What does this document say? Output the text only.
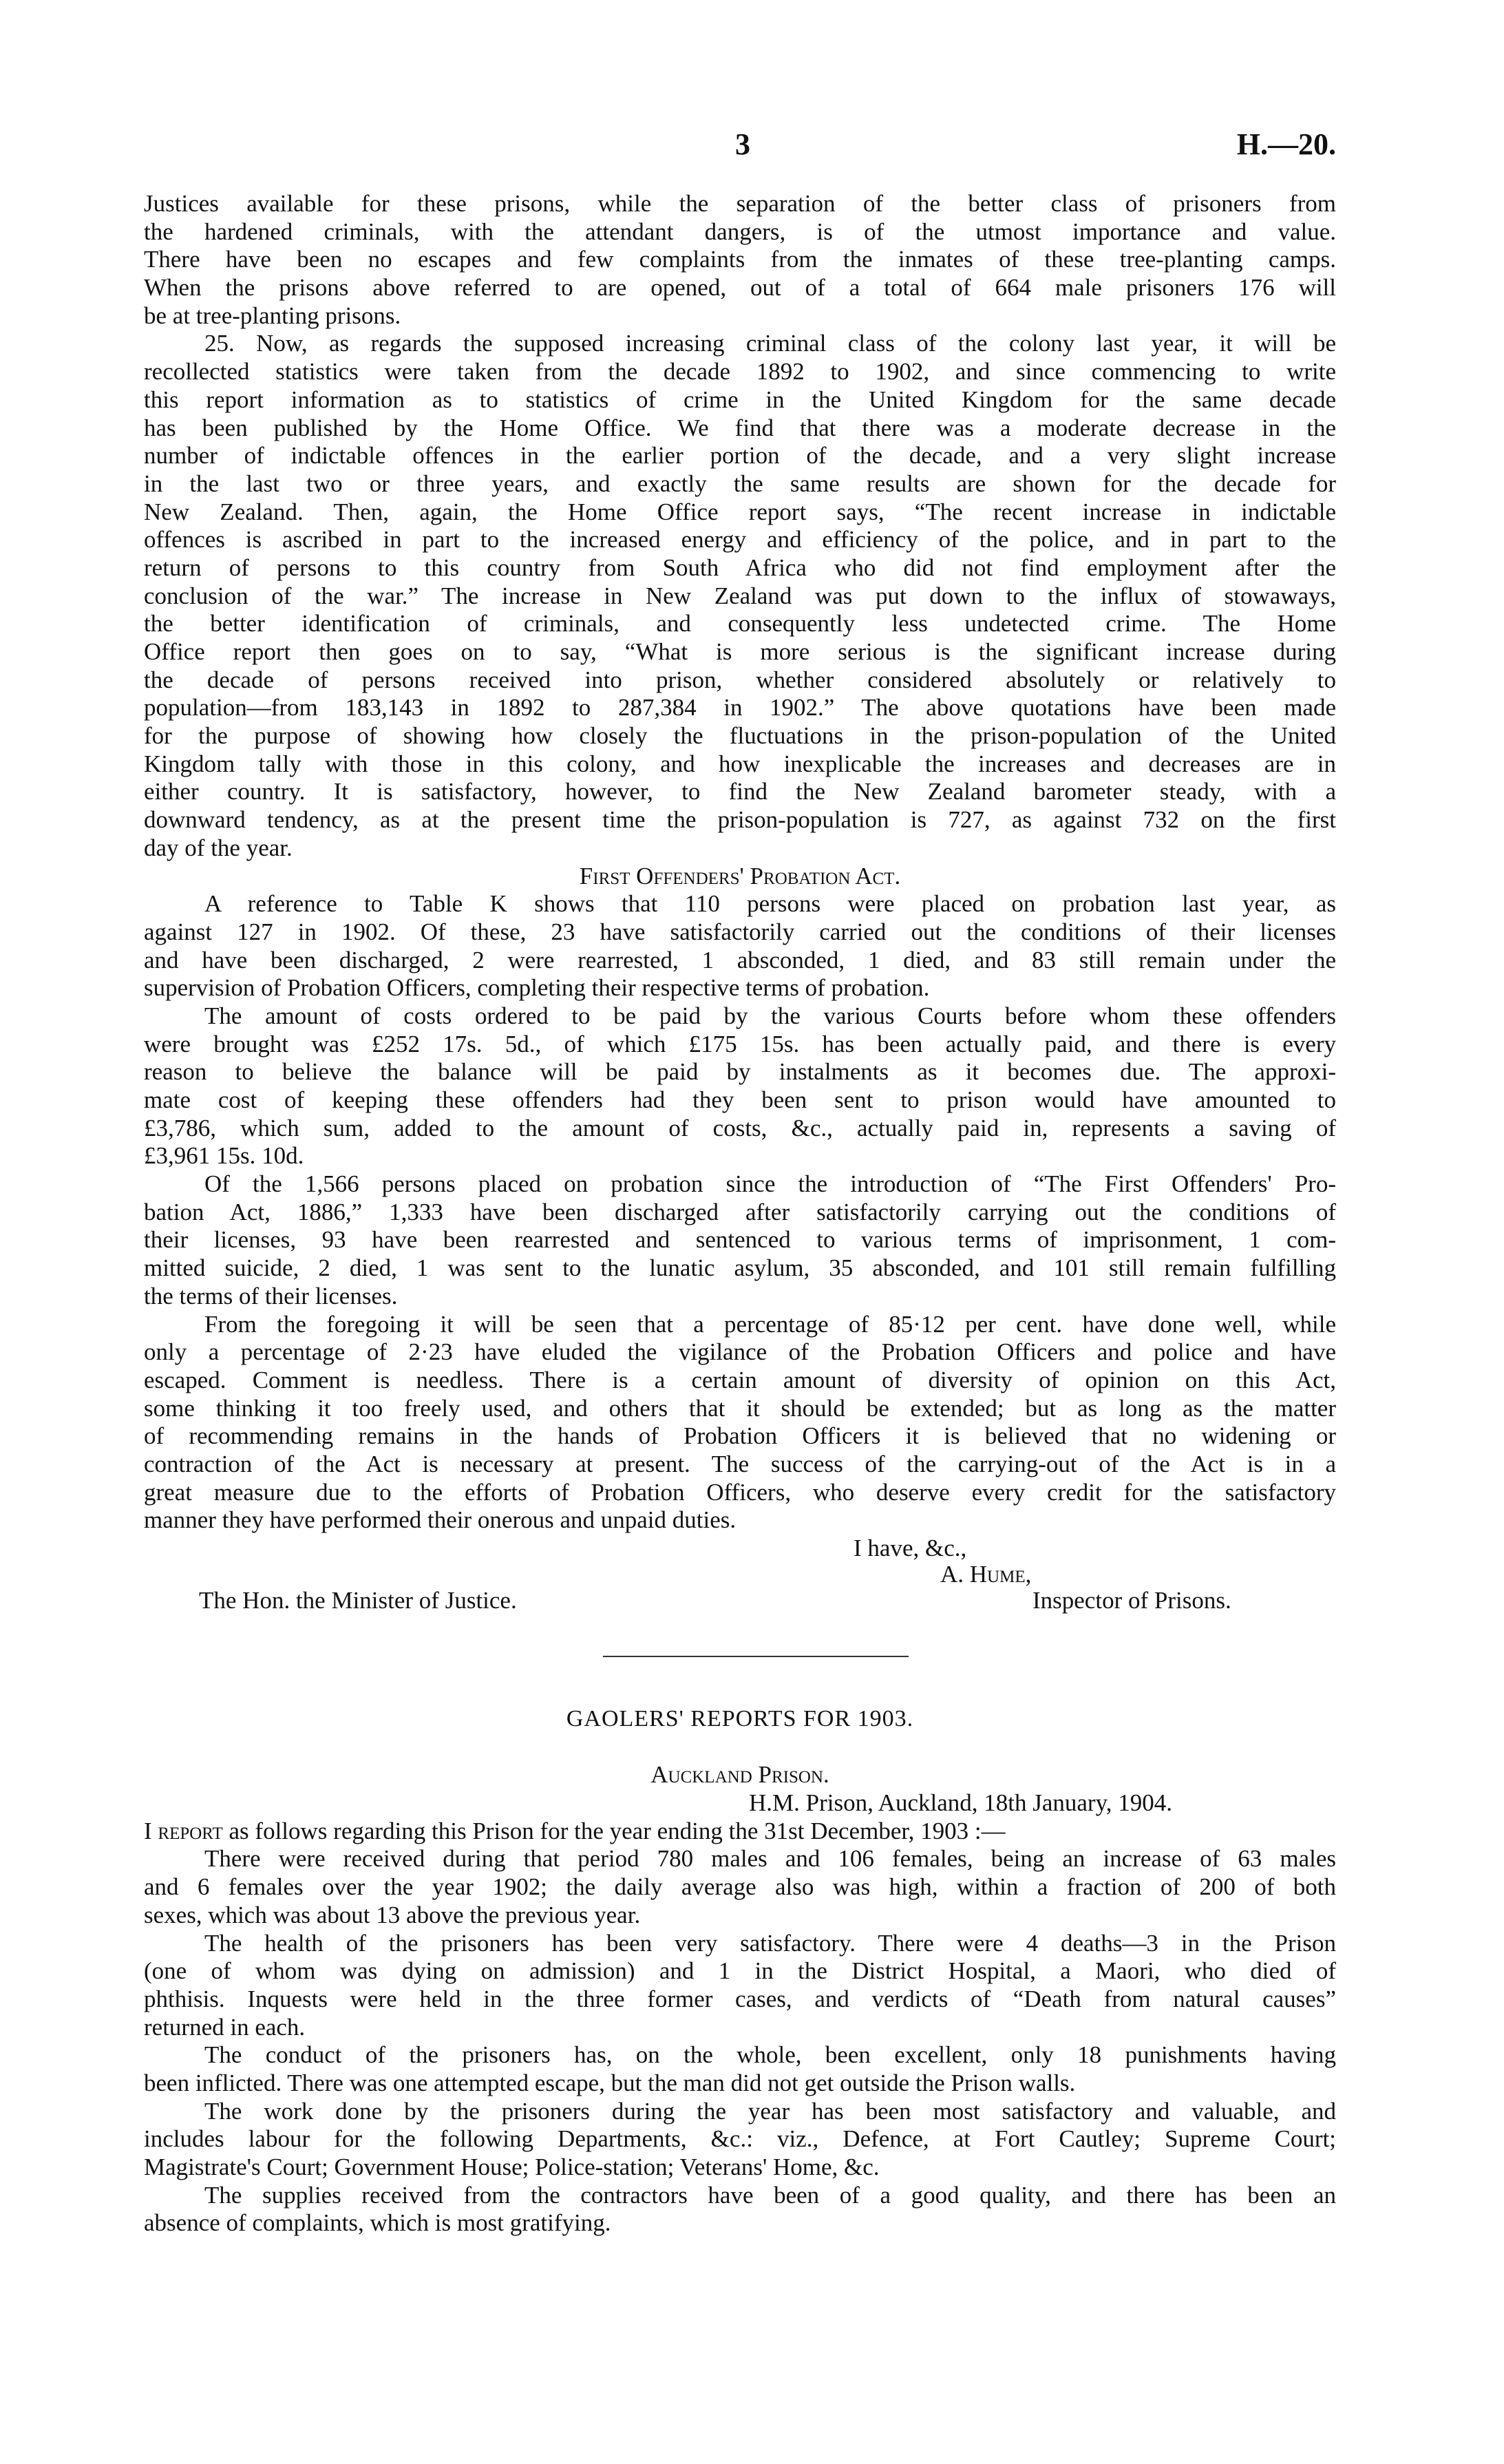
3	H.—20.
Justices available for these prisons, while the separation of the better class of prisoners from
the hardened criminals, with the attendant dangers, is of the utmost importance and value.
There have been no escapes and few complaints from the inmates of these tree-planting camps.
When the prisons above referred to are opened, out of a total of 664 male prisoners 176 will
be at tree-planting prisons.
25. Now, as regards the supposed increasing criminal class of the colony last year, it will be
recollected statistics were taken from the decade 1892 to 1902, and since commencing to write
this report information as to statistics of crime in the United Kingdom for the same decade
has been published by the Home Office. We find that there was a moderate decrease in the
number of indictable offences in the earlier portion of the decade, and a very slight increase
in the last two or three years, and exactly the same results are shown for the decade for
New Zealand. Then, again, the Home Office report says, “The recent increase in indictable
offences is ascribed in part to the increased energy and efficiency of the police, and in part to the
return of persons to this country from South Africa who did not find employment after the
conclusion of the war.” The increase in New Zealand was put down to the influx of stowaways,
the better identification of criminals, and consequently less undetected crime. The Home
Office report then goes on to say, “What is more serious is the significant increase during
the decade of persons received into prison, whether considered absolutely or relatively to
population—from 183,143 in 1892 to 287,384 in 1902.” The above quotations have been made
for the purpose of showing how closely the fluctuations in the prison-population of the United
Kingdom tally with those in this colony, and how inexplicable the increases and decreases are in
either country. It is satisfactory, however, to find the New Zealand barometer steady, with a
downward tendency, as at the present time the prison-population is 727, as against 732 on the first
day of the year.
First Offenders' Probation Act.
A reference to Table K shows that 110 persons were placed on probation last year, as
against 127 in 1902. Of these, 23 have satisfactorily carried out the conditions of their licenses
and have been discharged, 2 were rearrested, 1 absconded, 1 died, and 83 still remain under the
supervision of Probation Officers, completing their respective terms of probation.
The amount of costs ordered to be paid by the various Courts before whom these offenders
were brought was £252 17s. 5d., of which £175 15s. has been actually paid, and there is every
reason to believe the balance will be paid by instalments as it becomes due. The approxi-
mate cost of keeping these offenders had they been sent to prison would have amounted to
£3,786, which sum, added to the amount of costs, &c., actually paid in, represents a saving of
£3,961 15s. 10d.
Of the 1,566 persons placed on probation since the introduction of “The First Offenders' Pro-
bation Act, 1886,” 1,333 have been discharged after satisfactorily carrying out the conditions of
their licenses, 93 have been rearrested and sentenced to various terms of imprisonment, 1 com-
mitted suicide, 2 died, 1 was sent to the lunatic asylum, 35 absconded, and 101 still remain fulfilling
the terms of their licenses.
From the foregoing it will be seen that a percentage of 85·12 per cent. have done well, while
only a percentage of 2·23 have eluded the vigilance of the Probation Officers and police and have
escaped. Comment is needless. There is a certain amount of diversity of opinion on this Act,
some thinking it too freely used, and others that it should be extended; but as long as the matter
of recommending remains in the hands of Probation Officers it is believed that no widening or
contraction of the Act is necessary at present. The success of the carrying-out of the Act is in a
great measure due to the efforts of Probation Officers, who deserve every credit for the satisfactory
manner they have performed their onerous and unpaid duties.
I have, &c.,
A. Hume,
The Hon. the Minister of Justice.	Inspector of Prisons.
GAOLERS' REPORTS FOR 1903.
Auckland Prison.
H.M. Prison, Auckland, 18th January, 1904.
I report as follows regarding this Prison for the year ending the 31st December, 1903 :—
There were received during that period 780 males and 106 females, being an increase of 63 males
and 6 females over the year 1902; the daily average also was high, within a fraction of 200 of both
sexes, which was about 13 above the previous year.
The health of the prisoners has been very satisfactory. There were 4 deaths—3 in the Prison
(one of whom was dying on admission) and 1 in the District Hospital, a Maori, who died of
phthisis. Inquests were held in the three former cases, and verdicts of “Death from natural causes”
returned in each.
The conduct of the prisoners has, on the whole, been excellent, only 18 punishments having
been inflicted. There was one attempted escape, but the man did not get outside the Prison walls.
The work done by the prisoners during the year has been most satisfactory and valuable, and
includes labour for the following Departments, &c.: viz., Defence, at Fort Cautley; Supreme Court;
Magistrate's Court; Government House; Police-station; Veterans' Home, &c.
The supplies received from the contractors have been of a good quality, and there has been an
absence of complaints, which is most gratifying.
